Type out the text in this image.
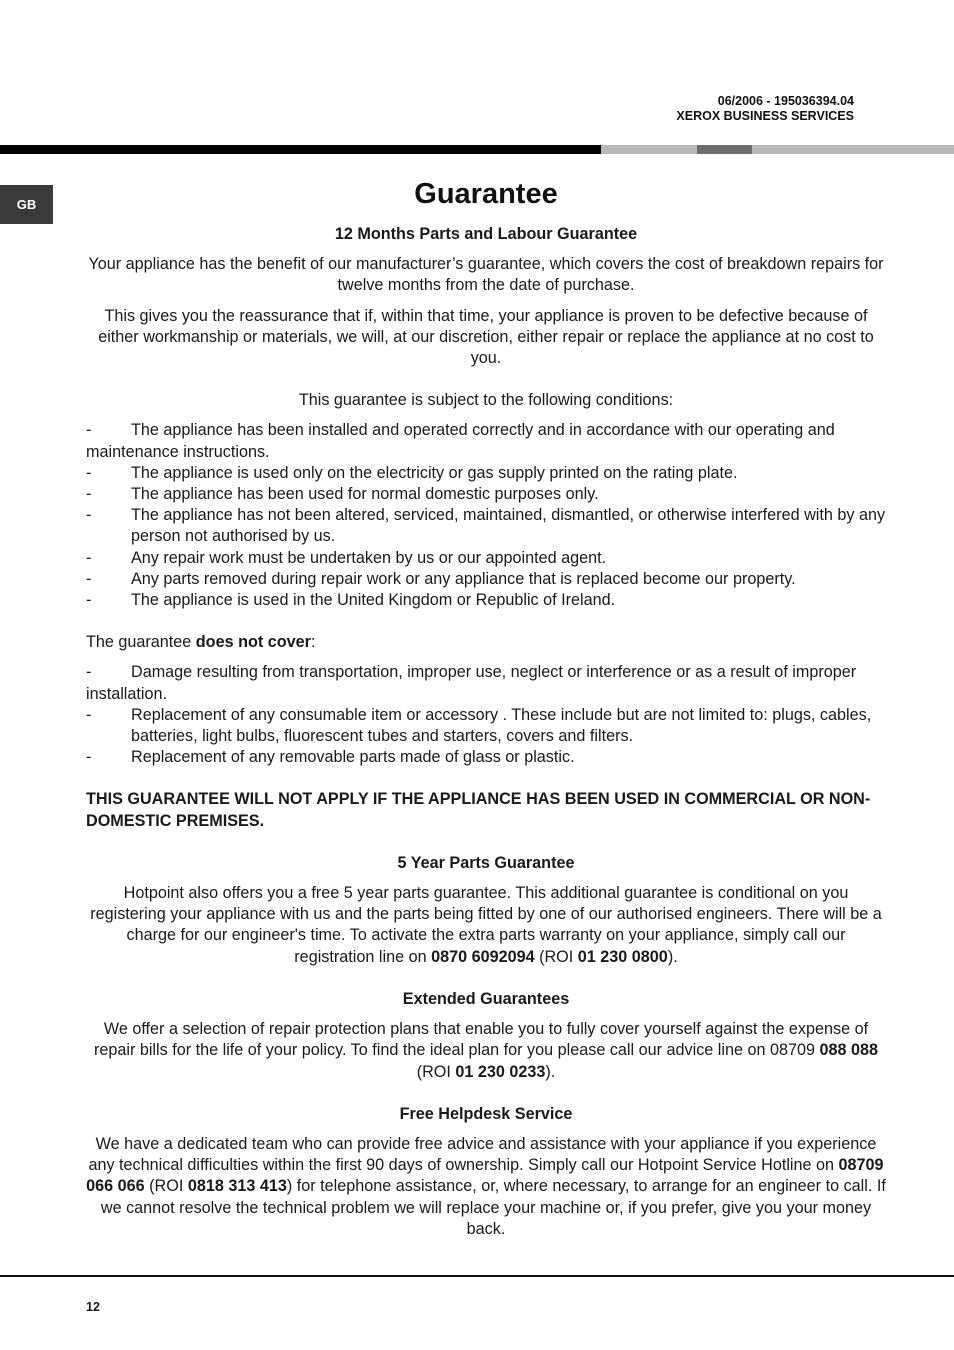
06/2006 - 195036394.04
XEROX BUSINESS SERVICES
GB	Guarantee

12 Months Parts and Labour Guarantee

Your appliance has the benefit of our manufacturer’s guarantee, which covers the cost of breakdown repairs for twelve months from the date of purchase.

This gives you the reassurance that if, within that time, your appliance is proven to be defective because of either workmanship or materials, we will, at our discretion, either repair or replace the appliance at no cost to you.

This guarantee is subject to the following conditions:

- The appliance has been installed and operated correctly and in accordance with our operating and maintenance instructions.
- The appliance is used only on the electricity or gas supply printed on the rating plate.
- The appliance has been used for normal domestic purposes only.
- The appliance has not been altered, serviced, maintained, dismantled, or otherwise interfered with by any person not authorised by us.
- Any repair work must be undertaken by us or our appointed agent.
- Any parts removed during repair work or any appliance that is replaced become our property.
- The appliance is used in the United Kingdom or Republic of Ireland.

The guarantee does not cover:

- Damage resulting from transportation, improper use, neglect or interference or as a result of improper installation.
- Replacement of any consumable item or accessory . These include but are not limited to: plugs, cables, batteries, light bulbs, fluorescent tubes and starters, covers and filters.
- Replacement of any removable parts made of glass or plastic.

THIS GUARANTEE WILL NOT APPLY IF THE APPLIANCE HAS BEEN USED IN COMMERCIAL OR NON-DOMESTIC PREMISES.

5 Year Parts Guarantee

Hotpoint also offers you a free 5 year parts guarantee. This additional guarantee is conditional on you registering your appliance with us and the parts being fitted by one of our authorised engineers. There will be a charge for our engineer's time. To activate the extra parts warranty on your appliance, simply call our registration line on 0870 6092094 (ROI 01 230 0800).

Extended Guarantees

We offer a selection of repair protection plans that enable you to fully cover yourself against the expense of repair bills for the life of your policy. To find the ideal plan for you please call our advice line on 08709 088 088 (ROI 01 230 0233).

Free Helpdesk Service

We have a dedicated team who can provide free advice and assistance with your appliance if you experience any technical difficulties within the first 90 days of ownership. Simply call our Hotpoint Service Hotline on 08709 066 066 (ROI 0818 313 413) for telephone assistance, or, where necessary, to arrange for an engineer to call. If we cannot resolve the technical problem we will replace your machine or, if you prefer, give you your money back.

12
